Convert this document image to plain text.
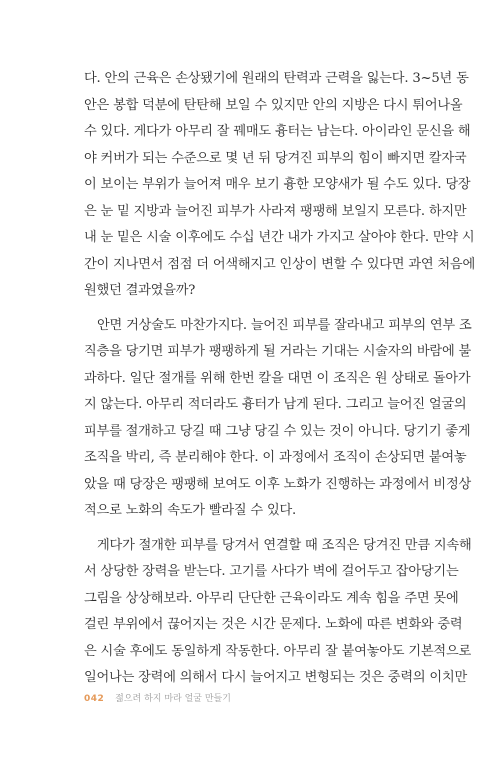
다. 안의 근육은 손상됐기에 원래의 탄력과 근력을 잃는다. 3~5년 동
안은 봉합 덕분에 탄탄해 보일 수 있지만 안의 지방은 다시 튀어나올
수 있다. 게다가 아무리 잘 꿰매도 흉터는 남는다. 아이라인 문신을 해
야 커버가 되는 수준으로 몇 년 뒤 당겨진 피부의 힘이 빠지면 칼자국
이 보이는 부위가 늘어져 매우 보기 흉한 모양새가 될 수도 있다. 당장
은 눈 밑 지방과 늘어진 피부가 사라져 팽팽해 보일지 모른다. 하지만
내 눈 밑은 시술 이후에도 수십 년간 내가 가지고 살아야 한다. 만약 시
간이 지나면서 점점 더 어색해지고 인상이 변할 수 있다면 과연 처음에
원했던 결과였을까?
안면 거상술도 마찬가지다. 늘어진 피부를 잘라내고 피부의 연부 조
직층을 당기면 피부가 팽팽하게 될 거라는 기대는 시술자의 바람에 불
과하다. 일단 절개를 위해 한번 칼을 대면 이 조직은 원 상태로 돌아가
지 않는다. 아무리 적더라도 흉터가 남게 된다. 그리고 늘어진 얼굴의
피부를 절개하고 당길 때 그냥 당길 수 있는 것이 아니다. 당기기 좋게
조직을 박리, 즉 분리해야 한다. 이 과정에서 조직이 손상되면 붙여놓
았을 때 당장은 팽팽해 보여도 이후 노화가 진행하는 과정에서 비정상
적으로 노화의 속도가 빨라질 수 있다.
게다가 절개한 피부를 당겨서 연결할 때 조직은 당겨진 만큼 지속해
서 상당한 장력을 받는다. 고기를 사다가 벽에 걸어두고 잡아당기는
그림을 상상해보라. 아무리 단단한 근육이라도 계속 힘을 주면 못에
걸린 부위에서 끊어지는 것은 시간 문제다. 노화에 따른 변화와 중력
은 시술 후에도 동일하게 작동한다. 아무리 잘 붙여놓아도 기본적으로
일어나는 장력에 의해서 다시 늘어지고 변형되는 것은 중력의 이치만
042 젊으려 하지 마라 얼굴 만들기
